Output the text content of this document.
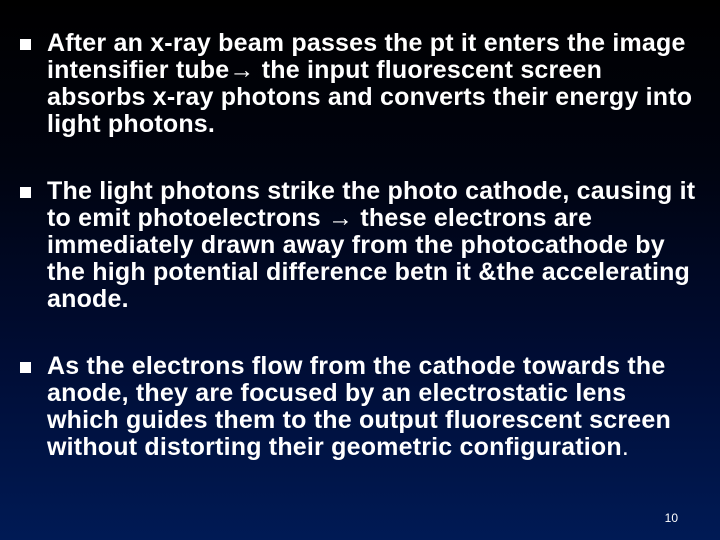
After an x-ray beam passes the pt it enters the image intensifier tube→ the input fluorescent screen absorbs x-ray photons and converts their energy into light photons.
The light photons strike the photo cathode, causing it to emit photoelectrons → these electrons are immediately drawn away from the photocathode by the high potential difference betn it &the accelerating anode.
As the electrons flow from the cathode towards the anode, they are focused by an electrostatic lens which guides them to the output fluorescent screen without distorting their geometric configuration.
10
